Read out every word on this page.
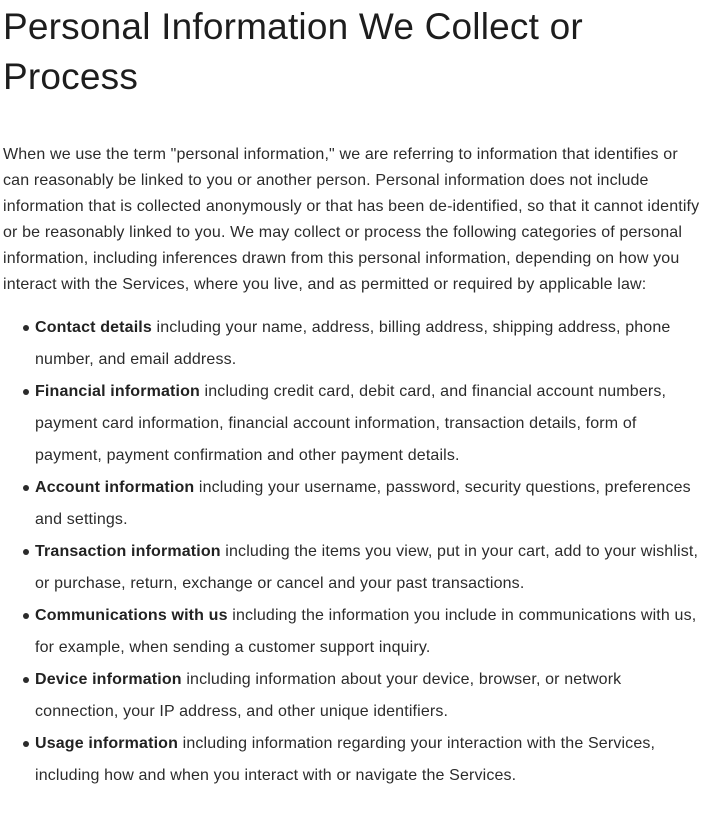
Personal Information We Collect or Process

When we use the term "personal information," we are referring to information that identifies or can reasonably be linked to you or another person. Personal information does not include information that is collected anonymously or that has been de-identified, so that it cannot identify or be reasonably linked to you. We may collect or process the following categories of personal information, including inferences drawn from this personal information, depending on how you interact with the Services, where you live, and as permitted or required by applicable law:

Contact details including your name, address, billing address, shipping address, phone number, and email address.
Financial information including credit card, debit card, and financial account numbers, payment card information, financial account information, transaction details, form of payment, payment confirmation and other payment details.
Account information including your username, password, security questions, preferences and settings.
Transaction information including the items you view, put in your cart, add to your wishlist, or purchase, return, exchange or cancel and your past transactions.
Communications with us including the information you include in communications with us, for example, when sending a customer support inquiry.
Device information including information about your device, browser, or network connection, your IP address, and other unique identifiers.
Usage information including information regarding your interaction with the Services, including how and when you interact with or navigate the Services.
